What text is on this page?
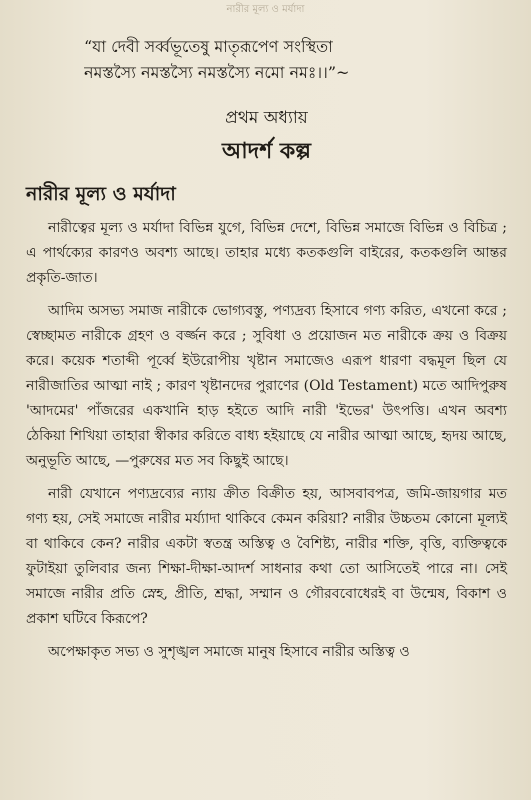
নারীর মূল্য ও মর্যাদা
“যা দেবী সর্ব্বভূতেষু মাতৃরূপেণ সংস্থিতা
নমস্তস্যৈ নমস্তস্যৈ নমস্তস্যৈ নমো নমঃ।।”~
প্রথম অধ্যায়
আদর্শ কল্প
নারীর মূল্য ও মর্যাদা

নারীত্বের মূল্য ও মর্যাদা বিভিন্ন যুগে, বিভিন্ন দেশে, বিভিন্ন সমাজে বিভিন্ন ও বিচিত্র ; এ পার্থক্যের কারণও অবশ্য আছে। তাহার মধ্যে কতকগুলি বাইরের, কতকগুলি আন্তর প্রকৃতি-জাত।

আদিম অসভ্য সমাজ নারীকে ভোগ্যবস্তু, পণ্যদ্রব্য হিসাবে গণ্য করিত, এখনো করে ; স্বেচ্ছামত নারীকে গ্রহণ ও বর্জ্জন করে ; সুবিধা ও প্রয়োজন মত নারীকে ক্রয় ও বিক্রয় করে। কয়েক শতাব্দী পূর্ব্বে ইউরোপীয় খৃষ্টান সমাজেও এরূপ ধারণা বদ্ধমূল ছিল যে নারীজাতির আত্মা নাই ; কারণ খৃষ্টানদের পুরাণের (Old Testament) মতে আদিপুরুষ 'আদমের' পাঁজরের একখানি হাড় হইতে আদি নারী 'ইভের' উৎপত্তি। এখন অবশ্য ঠেকিয়া শিখিয়া তাহারা স্বীকার করিতে বাধ্য হইয়াছে যে নারীর আত্মা আছে, হৃদয় আছে, অনুভূতি আছে, —পুরুষের মত সব কিছুই আছে।

নারী যেখানে পণ্যদ্রব্যের ন্যায় ক্রীত বিক্রীত হয়, আসবাবপত্র, জমি-জায়গার মত গণ্য হয়, সেই সমাজে নারীর মর্য্যাদা থাকিবে কেমন করিয়া? নারীর উচ্চতম কোনো মূল্যই বা থাকিবে কেন? নারীর একটা স্বতন্ত্র অস্তিত্ব ও বৈশিষ্ট্য, নারীর শক্তি, বৃত্তি, ব্যক্তিত্বকে ফুটাইয়া তুলিবার জন্য শিক্ষা-দীক্ষা-আদর্শ সাধনার কথা তো আসিতেই পারে না। সেই সমাজে নারীর প্রতি স্নেহ, প্রীতি, শ্রদ্ধা, সম্মান ও গৌরববোধেরই বা উন্মেষ, বিকাশ ও প্রকাশ ঘটিবে কিরূপে?

অপেক্ষাকৃত সভ্য ও সুশৃঙ্খল সমাজে মানুষ হিসাবে নারীর অস্তিত্ব ও
